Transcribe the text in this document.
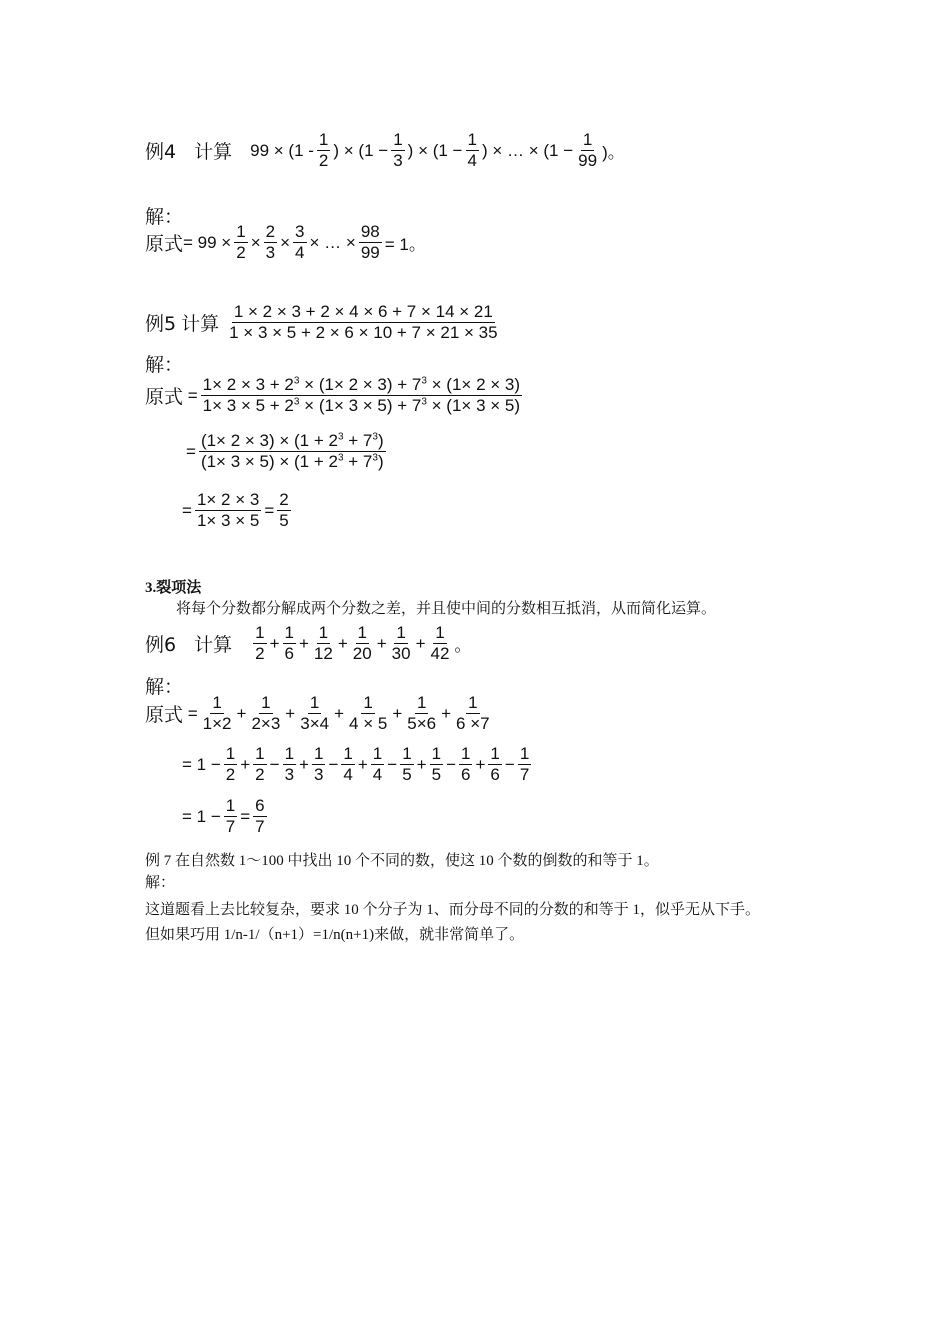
例4 计算 $99 \times (1 - \frac{1}{2}$ ) × ($1 - \frac{1}{3}$ ) × ($1 - \frac{1}{4}$ ) × … × ($1 - \frac{1}{99}$ )。
解：
原式 = $99 \times \frac{1}{2} \times \frac{2}{3} \times \frac{3}{4}$ × … × $\frac{98}{99} = 1$。
例5 计算 $\frac{1 \times 2 \times 3 + 2 \times 4 \times 6 + 7 \times 14 \times 21}{1 \times 3 \times 5 + 2 \times 6 \times 10 + 7 \times 21 \times 35}$
解：
原式 = $\frac{1\times 2 \times 3 + 2^3 \times (1\times 2 \times 3) + 7^3 \times (1\times 2 \times 3)}{1\times 3 \times 5 + 2^3 \times (1\times 3 \times 5) + 7^3 \times (1\times 3 \times 5)}$
= $\frac{(1\times 2 \times 3) \times (1 + 2^3 + 7^3)}{(1\times 3 \times 5) \times (1 + 2^3 + 7^3)}$
= $\frac{1\times 2 \times 3}{1\times 3 \times 5} = \frac{2}{5}$
3.裂项法
将每个分数都分解成两个分数之差，并且使中间的分数相互抵消，从而简化运算。
例6 计算 $\frac{1}{2} + \frac{1}{6} + \frac{1}{12} + \frac{1}{20} + \frac{1}{30} + \frac{1}{42}$ 。
解：
原式 = $\frac{1}{1\times 2} + \frac{1}{2\times 3} + \frac{1}{3\times 4} + \frac{1}{4 \times 5} + \frac{1}{5\times 6} + \frac{1}{6 \times 7}$
= $1 - \frac{1}{2} + \frac{1}{2} - \frac{1}{3} + \frac{1}{3} - \frac{1}{4} + \frac{1}{4} - \frac{1}{5} + \frac{1}{5} - \frac{1}{6} + \frac{1}{6} - \frac{1}{7}$
= $1 - \frac{1}{7} = \frac{6}{7}$
例 7 在自然数 1～100 中找出 10 个不同的数，使这 10 个数的倒数的和等于 1。
解：
这道题看上去比较复杂，要求 10 个分子为 1、而分母不同的分数的和等于 1，似乎无从下手。
但如果巧用 1/n-1/（n+1）=1/n(n+1)来做，就非常简单了。
